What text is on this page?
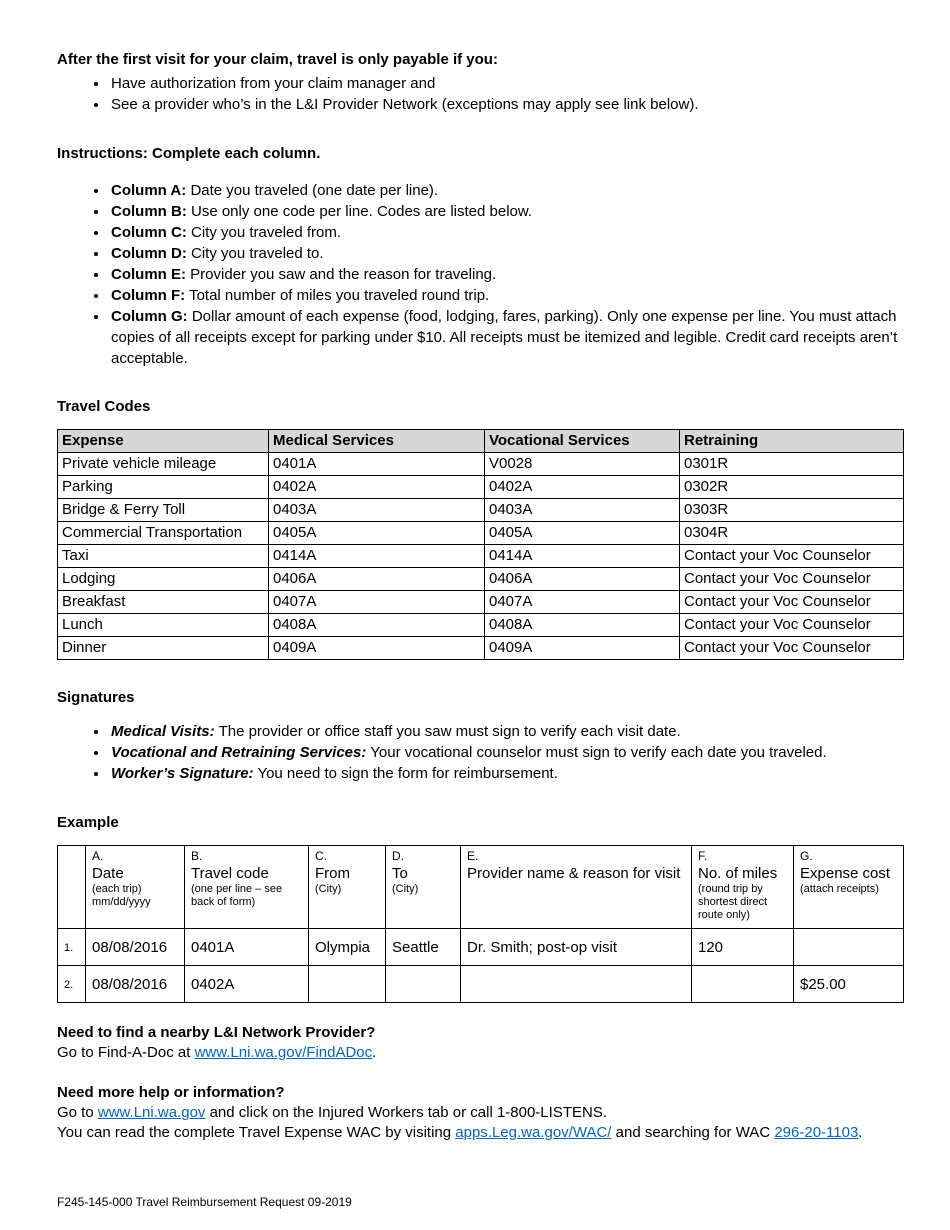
After the first visit for your claim, travel is only payable if you:
• Have authorization from your claim manager and
• See a provider who’s in the L&I Provider Network (exceptions may apply see link below).
Instructions: Complete each column.
• Column A: Date you traveled (one date per line).
• Column B: Use only one code per line. Codes are listed below.
• Column C: City you traveled from.
• Column D: City you traveled to.
• Column E: Provider you saw and the reason for traveling.
• Column F: Total number of miles you traveled round trip.
• Column G: Dollar amount of each expense (food, lodging, fares, parking). Only one expense per line. You must attach copies of all receipts except for parking under $10. All receipts must be itemized and legible. Credit card receipts aren’t acceptable.
Travel Codes
Expense	Medical Services	Vocational Services	Retraining
Private vehicle mileage	0401A	V0028	0301R
Parking	0402A	0402A	0302R
Bridge & Ferry Toll	0403A	0403A	0303R
Commercial Transportation	0405A	0405A	0304R
Taxi	0414A	0414A	Contact your Voc Counselor
Lodging	0406A	0406A	Contact your Voc Counselor
Breakfast	0407A	0407A	Contact your Voc Counselor
Lunch	0408A	0408A	Contact your Voc Counselor
Dinner	0409A	0409A	Contact your Voc Counselor
Signatures
• Medical Visits: The provider or office staff you saw must sign to verify each visit date.
• Vocational and Retraining Services: Your vocational counselor must sign to verify each date you traveled.
• Worker’s Signature: You need to sign the form for reimbursement.
Example

	A.
Date
(each trip) mm/dd/yyyy	B.
Travel code
(one per line – see back of form)	C.
From
(City)	D.
To
(City)	E.
Provider name & reason for visit	F.
No. of miles
(round trip by shortest direct route only)	G.
Expense cost
(attach receipts)

1.	08/08/2016	0401A	Olympia	Seattle	Dr. Smith; post-op visit	120	
2.	08/08/2016	0402A					$25.00
Need to find a nearby L&I Network Provider?

Go to Find-A-Doc at www.Lni.wa.gov/FindADoc.

Need more help or information?

Go to www.Lni.wa.gov and click on the Injured Workers tab or call 1-800-LISTENS.

You can read the complete Travel Expense WAC by visiting apps.Leg.wa.gov/WAC/ and searching for WAC 296-20-1103.

F245-145-000 Travel Reimbursement Request 09-2019
